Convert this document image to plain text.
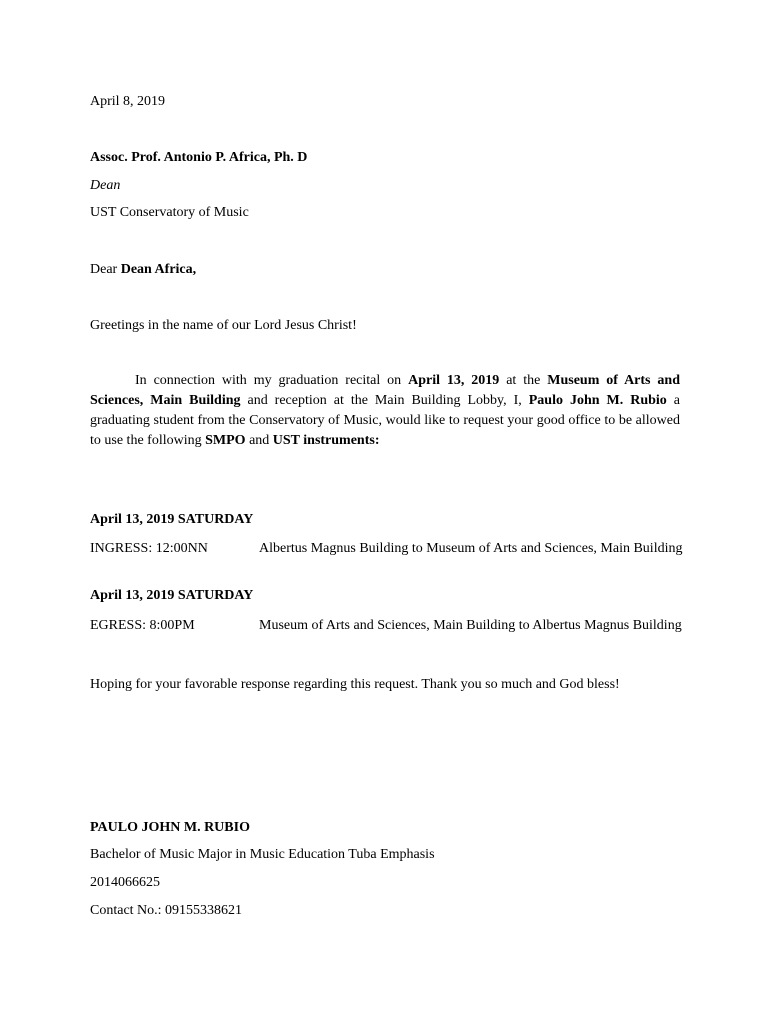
April 8, 2019
Assoc. Prof. Antonio P. Africa, Ph. D
Dean
UST Conservatory of Music
Dear Dean Africa,
Greetings in the name of our Lord Jesus Christ!
In connection with my graduation recital on April 13, 2019 at the Museum of Arts and Sciences, Main Building and reception at the Main Building Lobby, I, Paulo John M. Rubio a graduating student from the Conservatory of Music, would like to request your good office to be allowed to use the following SMPO and UST instruments:
April 13, 2019 SATURDAY
INGRESS: 12:00NN	Albertus Magnus Building to Museum of Arts and Sciences, Main Building
April 13, 2019 SATURDAY
EGRESS: 8:00PM	Museum of Arts and Sciences, Main Building to Albertus Magnus Building
Hoping for your favorable response regarding this request. Thank you so much and God bless!
PAULO JOHN M. RUBIO
Bachelor of Music Major in Music Education Tuba Emphasis
2014066625
Contact No.: 09155338621
